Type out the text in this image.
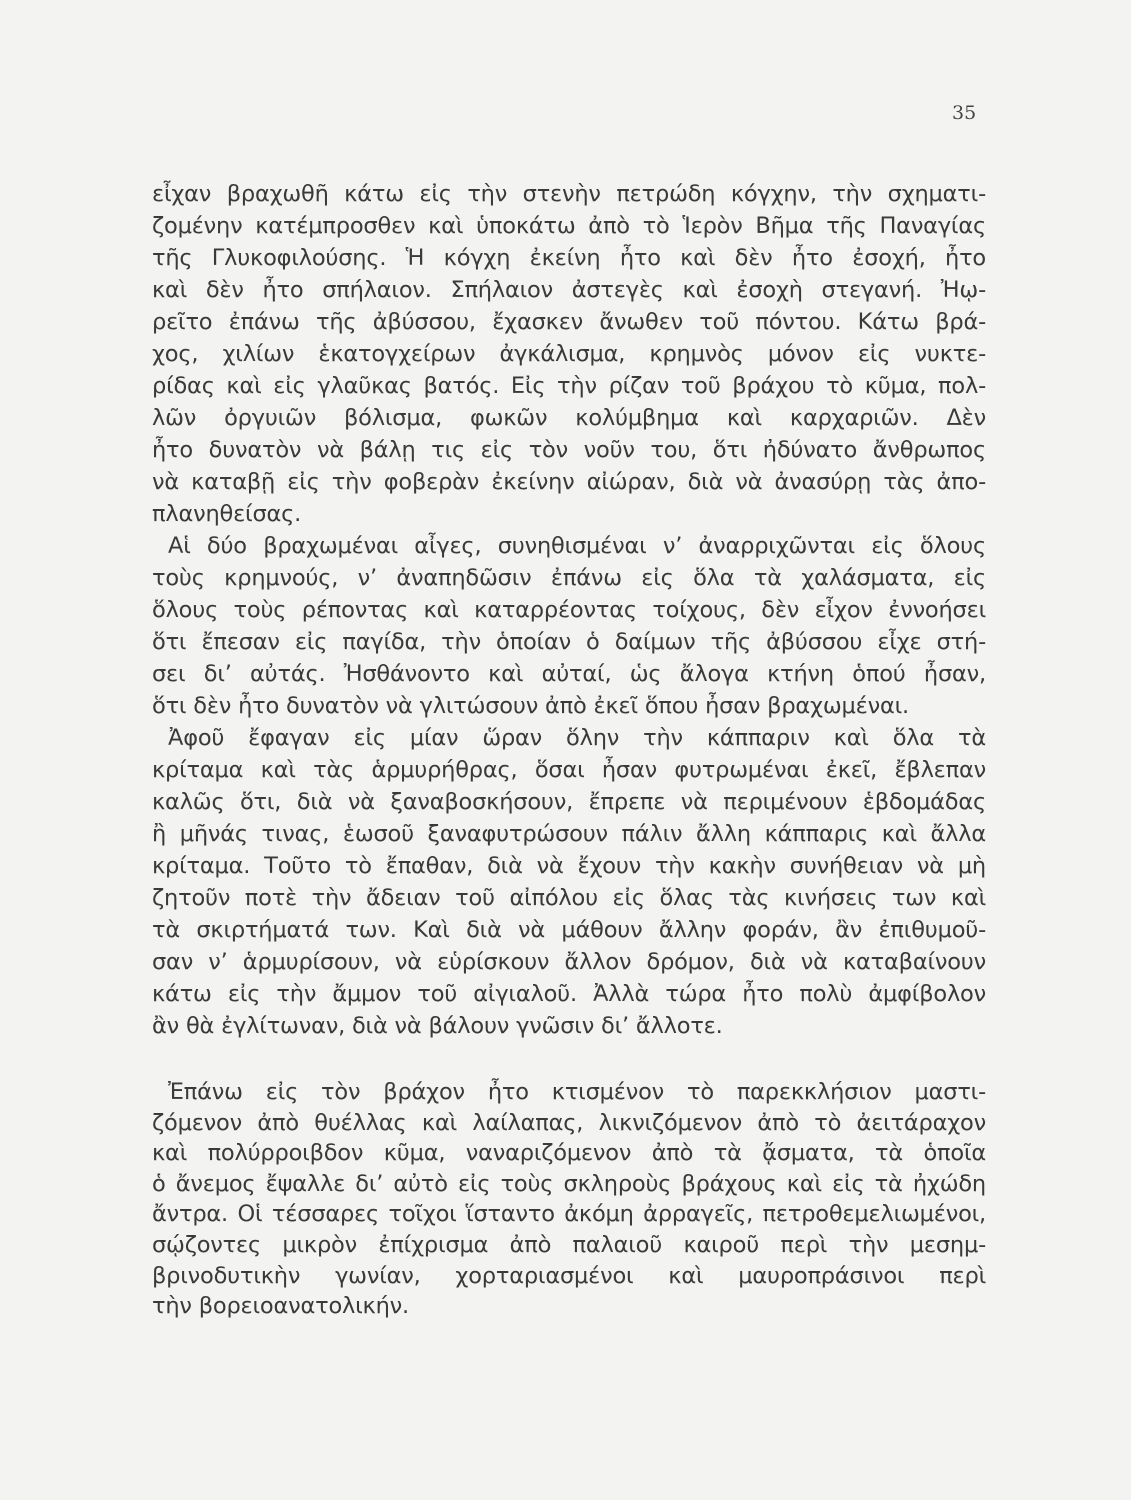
35
εἶχαν βραχωθῆ κάτω εἰς τὴν στενὴν πετρώδη κόγχην, τὴν σχηματι-
ζομένην κατέμπροσθεν καὶ ὑποκάτω ἀπὸ τὸ Ἱερὸν Βῆμα τῆς Παναγίας
τῆς Γλυκοφιλούσης. Ἡ κόγχη ἐκείνη ἦτο καὶ δὲν ἦτο ἐσοχή, ἦτο
καὶ δὲν ἦτο σπήλαιον. Σπήλαιον ἀστεγὲς καὶ ἐσοχὴ στεγανή. Ἠῳ-
ρεῖτο ἐπάνω τῆς ἀβύσσου, ἔχασκεν ἄνωθεν τοῦ πόντου. Κάτω βρά-
χος, χιλίων ἑκατογχείρων ἀγκάλισμα, κρημνὸς μόνον εἰς νυκτε-
ρίδας καὶ εἰς γλαῦκας βατός. Εἰς τὴν ρίζαν τοῦ βράχου τὸ κῦμα, πολ-
λῶν ὀργυιῶν βόλισμα, φωκῶν κολύμβημα καὶ καρχαριῶν. Δὲν
ἦτο δυνατὸν νὰ βάλῃ τις εἰς τὸν νοῦν του, ὅτι ἠδύνατο ἄνθρωπος
νὰ καταβῇ εἰς τὴν φοβερὰν ἐκείνην αἰώραν, διὰ νὰ ἀνασύρῃ τὰς ἀπο-
πλανηθείσας.
Αἱ δύο βραχωμέναι αἶγες, συνηθισμέναι ν’ ἀναρριχῶνται εἰς ὅλους
τοὺς κρημνούς, ν’ ἀναπηδῶσιν ἐπάνω εἰς ὅλα τὰ χαλάσματα, εἰς
ὅλους τοὺς ρέποντας καὶ καταρρέοντας τοίχους, δὲν εἶχον ἐννοήσει
ὅτι ἔπεσαν εἰς παγίδα, τὴν ὁποίαν ὁ δαίμων τῆς ἀβύσσου εἶχε στή-
σει δι’ αὐτάς. Ἠσθάνοντο καὶ αὐταί, ὡς ἄλογα κτήνη ὁπού ἦσαν,
ὅτι δὲν ἦτο δυνατὸν νὰ γλιτώσουν ἀπὸ ἐκεῖ ὅπου ἦσαν βραχωμέναι.
Ἀφοῦ ἔφαγαν εἰς μίαν ὥραν ὅλην τὴν κάππαριν καὶ ὅλα τὰ
κρίταμα καὶ τὰς ἁρμυρήθρας, ὅσαι ἦσαν φυτρωμέναι ἐκεῖ, ἔβλεπαν
καλῶς ὅτι, διὰ νὰ ξαναβοσκήσουν, ἔπρεπε νὰ περιμένουν ἑβδομάδας
ἢ μῆνάς τινας, ἑωσοῦ ξαναφυτρώσουν πάλιν ἄλλη κάππαρις καὶ ἄλλα
κρίταμα. Τοῦτο τὸ ἔπαθαν, διὰ νὰ ἔχουν τὴν κακὴν συνήθειαν νὰ μὴ
ζητοῦν ποτὲ τὴν ἄδειαν τοῦ αἰπόλου εἰς ὅλας τὰς κινήσεις των καὶ
τὰ σκιρτήματά των. Καὶ διὰ νὰ μάθουν ἄλλην φοράν, ἂν ἐπιθυμοῦ-
σαν ν’ ἁρμυρίσουν, νὰ εὑρίσκουν ἄλλον δρόμον, διὰ νὰ καταβαίνουν
κάτω εἰς τὴν ἄμμον τοῦ αἰγιαλοῦ. Ἀλλὰ τώρα ἦτο πολὺ ἀμφίβολον
ἂν θὰ ἐγλίτωναν, διὰ νὰ βάλουν γνῶσιν δι’ ἄλλοτε.
Ἐπάνω εἰς τὸν βράχον ἦτο κτισμένον τὸ παρεκκλήσιον μαστι-
ζόμενον ἀπὸ θυέλλας καὶ λαίλαπας, λικνιζόμενον ἀπὸ τὸ ἀειτάραχον
καὶ πολύρροιβδον κῦμα, ναναριζόμενον ἀπὸ τὰ ᾄσματα, τὰ ὁποῖα
ὁ ἄνεμος ἔψαλλε δι’ αὐτὸ εἰς τοὺς σκληροὺς βράχους καὶ εἰς τὰ ἠχώδη
ἄντρα. Οἱ τέσσαρες τοῖχοι ἵσταντο ἀκόμη ἀρραγεῖς, πετροθεμελιωμένοι,
σῴζοντες μικρὸν ἐπίχρισμα ἀπὸ παλαιοῦ καιροῦ περὶ τὴν μεσημ-
βρινοδυτικὴν γωνίαν, χορταριασμένοι καὶ μαυροπράσινοι περὶ
τὴν βορειοανατολικήν.
